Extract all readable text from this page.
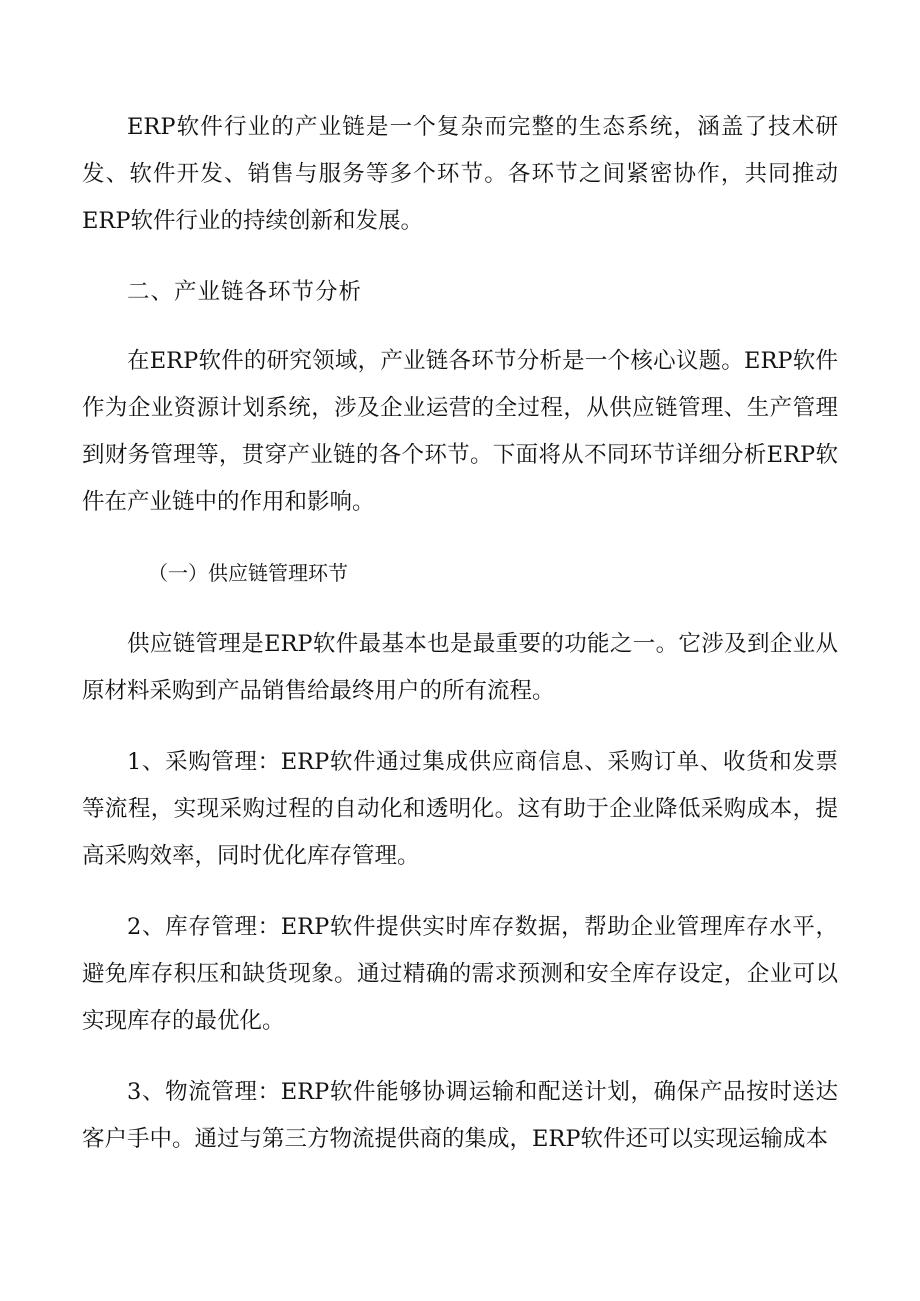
ERP软件行业的产业链是一个复杂而完整的生态系统，涵盖了技术研发、软件开发、销售与服务等多个环节。各环节之间紧密协作，共同推动ERP软件行业的持续创新和发展。

二、产业链各环节分析

在ERP软件的研究领域，产业链各环节分析是一个核心议题。ERP软件作为企业资源计划系统，涉及企业运营的全过程，从供应链管理、生产管理到财务管理等，贯穿产业链的各个环节。下面将从不同环节详细分析ERP软件在产业链中的作用和影响。

（一）供应链管理环节

供应链管理是ERP软件最基本也是最重要的功能之一。它涉及到企业从原材料采购到产品销售给最终用户的所有流程。

1、采购管理：ERP软件通过集成供应商信息、采购订单、收货和发票等流程，实现采购过程的自动化和透明化。这有助于企业降低采购成本，提高采购效率，同时优化库存管理。

2、库存管理：ERP软件提供实时库存数据，帮助企业管理库存水平，避免库存积压和缺货现象。通过精确的需求预测和安全库存设定，企业可以实现库存的最优化。

3、物流管理：ERP软件能够协调运输和配送计划，确保产品按时送达客户手中。通过与第三方物流提供商的集成，ERP软件还可以实现运输成本
